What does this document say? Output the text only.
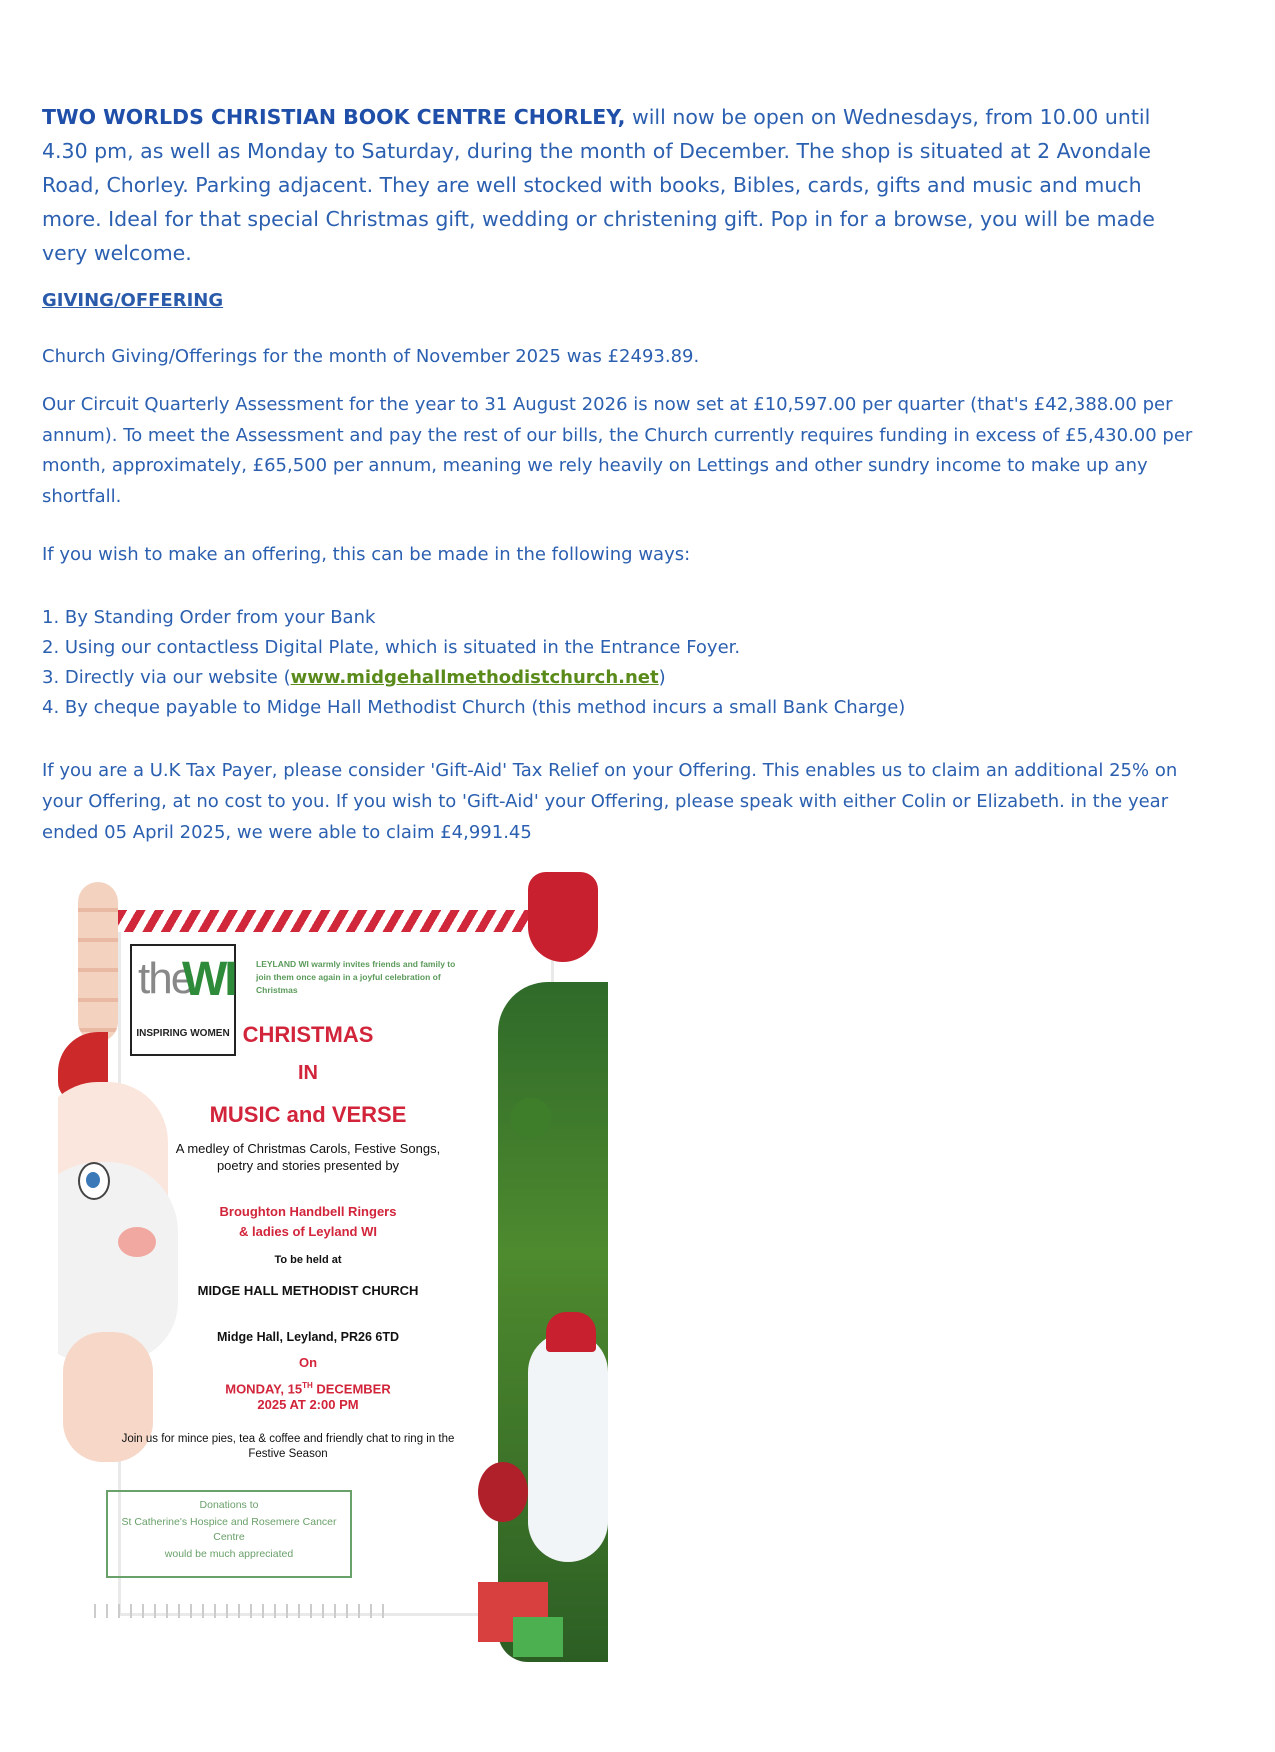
TWO WORLDS CHRISTIAN BOOK CENTRE CHORLEY, will now be open on Wednesdays, from 10.00 until 4.30 pm, as well as Monday to Saturday, during the month of December. The shop is situated at 2 Avondale Road, Chorley. Parking adjacent. They are well stocked with books, Bibles, cards, gifts and music and much more. Ideal for that special Christmas gift, wedding or christening gift. Pop in for a browse, you will be made very welcome.
GIVING/OFFERING
Church Giving/Offerings for the month of November 2025 was £2493.89.
Our Circuit Quarterly Assessment for the year to 31 August 2026 is now set at £10,597.00 per quarter (that's £42,388.00 per annum). To meet the Assessment and pay the rest of our bills, the Church currently requires funding in excess of £5,430.00 per month, approximately, £65,500 per annum, meaning we rely heavily on Lettings and other sundry income to make up any shortfall.
If you wish to make an offering, this can be made in the following ways:
1. By Standing Order from your Bank
2. Using our contactless Digital Plate, which is situated in the Entrance Foyer.
3. Directly via our website (www.midgehallmethodistchurch.net)
4. By cheque payable to Midge Hall Methodist Church (this method incurs a small Bank Charge)
If you are a U.K Tax Payer, please consider 'Gift-Aid' Tax Relief on your Offering. This enables us to claim an additional 25% on your Offering, at no cost to you. If you wish to 'Gift-Aid' your Offering, please speak with either Colin or Elizabeth. in the year ended 05 April 2025, we were able to claim £4,991.45
the
WI
INSPIRING WOMEN
LEYLAND WI warmly invites friends and family to join them once again in a joyful celebration of Christmas
CHRISTMAS
IN
MUSIC and VERSE
A medley of Christmas Carols, Festive Songs, poetry and stories presented by
Broughton Handbell Ringers
& ladies of Leyland WI
To be held at
MIDGE HALL METHODIST CHURCH
Midge Hall, Leyland, PR26 6TD
On
MONDAY, 15TH DECEMBER
2025 AT 2:00 PM
Join us for mince pies, tea & coffee and friendly chat to ring in the Festive Season
Donations to
St Catherine's Hospice and Rosemere Cancer Centre
would be much appreciated
